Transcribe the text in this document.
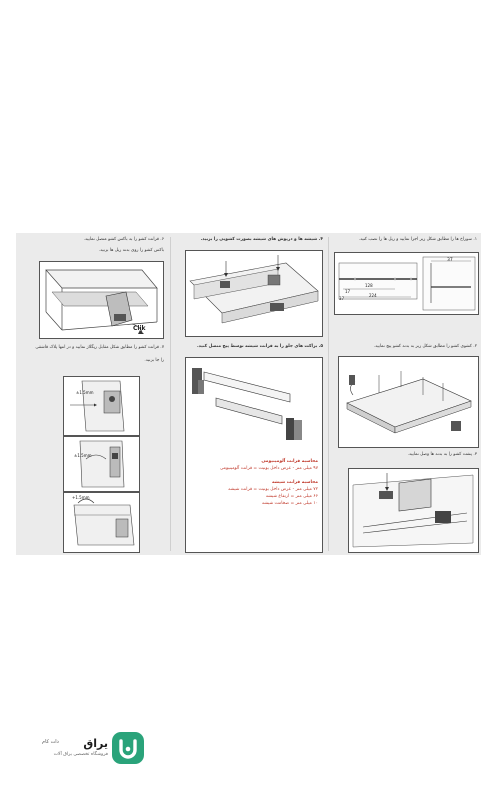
۶. قرانت کشو را به باکس کشو متصل نمایید.
باکس کشو را روی بدنه ریل ها بزنید.
Clik
۷. قرانت کشو را مطابق شکل مقابل ریگلاژ نمایید و در انتها پلاک قاشقی
را جا بزنید.
±1.5mm
±1.5mm
+1.5mm
۴. شیشه ها و درپوش های شیشه بصورت کشویی را بزنید.
۵. براکت های جلو را به قرانت شیشه توسط پیچ متصل کنید.
محاسبه قرانت آلومینیومی
۹۷ میلی متر - عرض داخل یونیت = قرانت آلومینیومی
محاسبه قرانت شیشه
۷۲ میلی متر - عرض داخل یونیت = قرانت شیشه
۶۶ میلی متر = ارتفاع شیشه
۱۰ میلی متر = ضخامت شیشه
۱. سوراخ ها را مطابق شکل زیر اجرا نمایید و ریل ها را نصب کنید.
37
128
224
37
17
۲. کشوی کشو را مطابق شکل زیر به بدنه کشو پیچ نمایید.
۳. پشت کشو را به بدنه ها وصل نمایید.
یراق
دات کام
فروشگاه تخصصی یراق آلات
